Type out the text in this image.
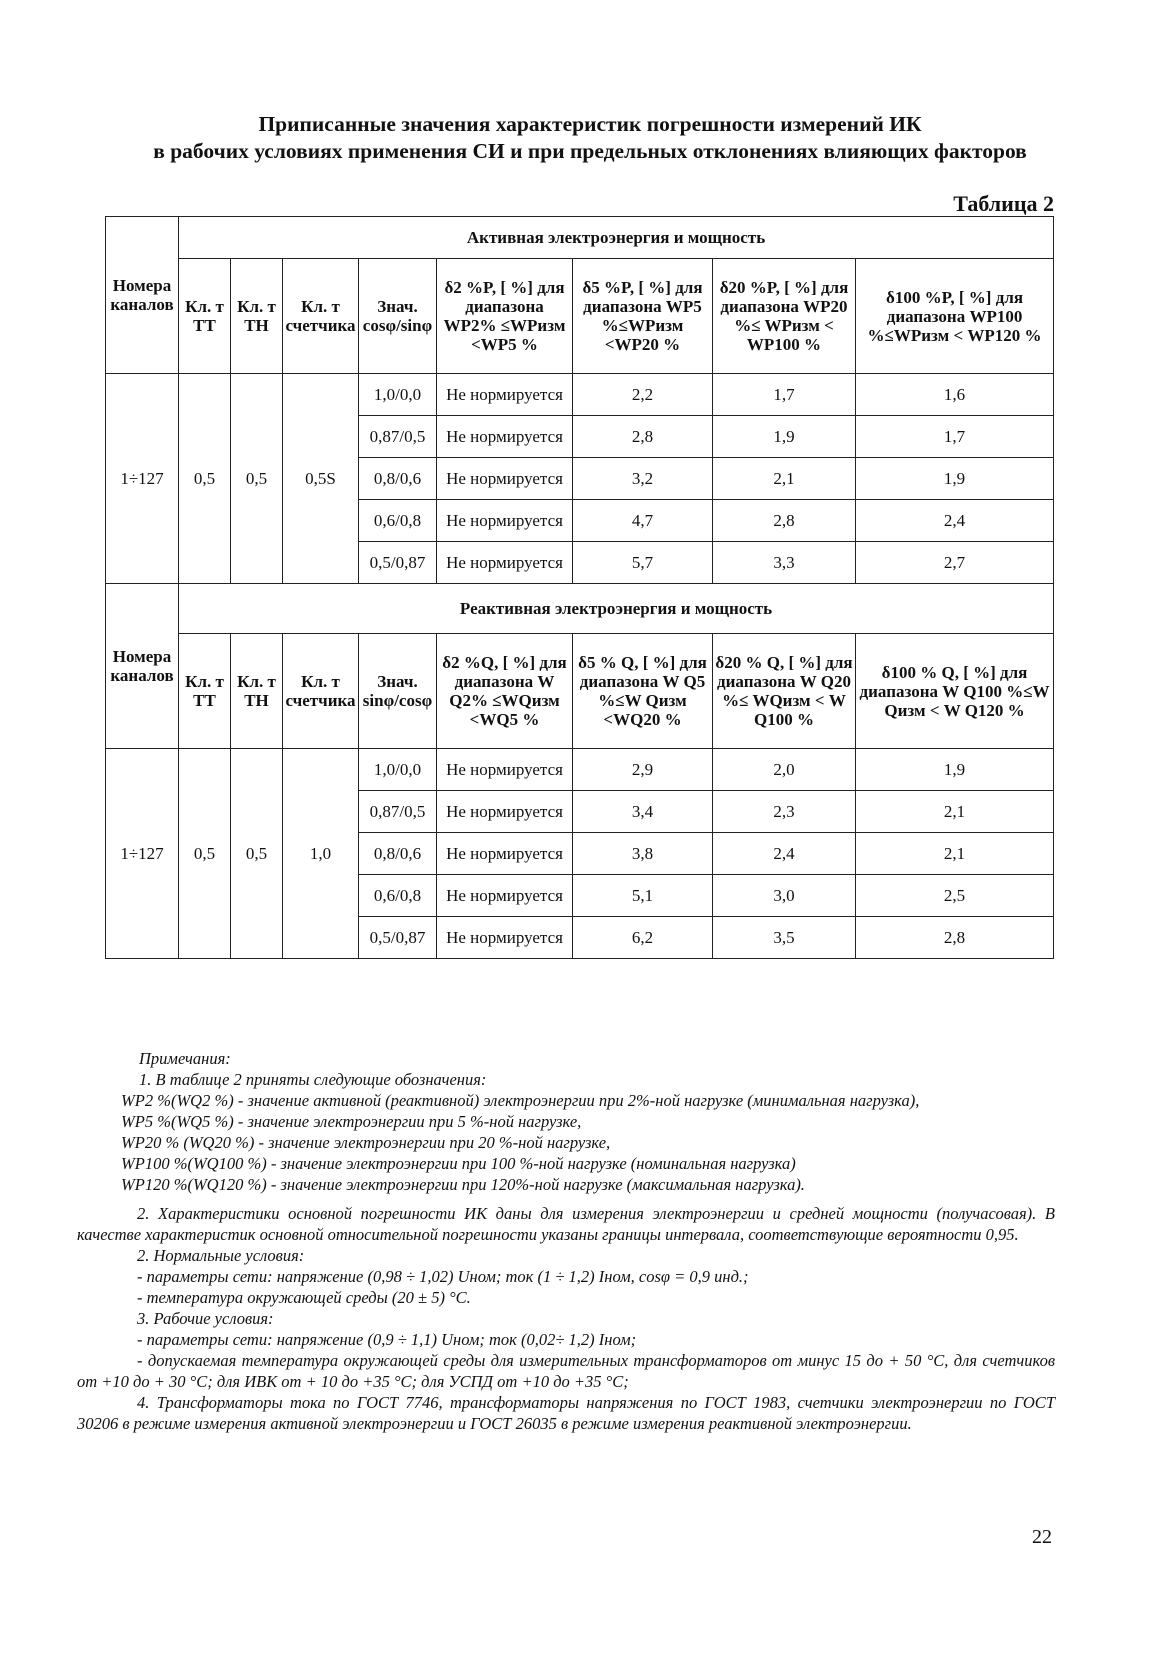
Приписанные значения характеристик погрешности измерений ИК
в рабочих условиях применения СИ и при предельных отклонениях влияющих факторов
Таблица 2
Номера каналов	Активная электроэнергия и мощность							
	Кл. т ТТ	Кл. т ТН	Кл. т счетчика	Знач. cosφ/sinφ	δ2 %P, [ %] для диапазона WP2% ≤WPизм <WP5 %	δ5 %P, [ %] для диапазона WP5 %≤WPизм <WP20 %	δ20 %P, [ %] для диапазона WP20 %≤ WPизм < WP100 %	δ100 %P, [ %] для диапазона WP100 %≤WPизм < WP120 %
1÷127	0,5	0,5	0,5S	1,0/0,0	Не нормируется	2,2	1,7	1,6
				0,87/0,5	Не нормируется	2,8	1,9	1,7
				0,8/0,6	Не нормируется	3,2	2,1	1,9
				0,6/0,8	Не нормируется	4,7	2,8	2,4
				0,5/0,87	Не нормируется	5,7	3,3	2,7
Номера каналов	Реактивная электроэнергия и мощность							
	Кл. т ТТ	Кл. т ТН	Кл. т счетчика	Знач. sinφ/cosφ	δ2 %Q, [ %] для диапазона W Q2% ≤WQизм <WQ5 %	δ5 % Q, [ %] для диапазона W Q5 %≤W Qизм <WQ20 %	δ20 % Q, [ %] для диапазона W Q20 %≤ WQизм < W Q100 %	δ100 % Q, [ %] для диапазона W Q100 %≤W Qизм < W Q120 %
1÷127	0,5	0,5	1,0	1,0/0,0	Не нормируется	2,9	2,0	1,9
				0,87/0,5	Не нормируется	3,4	2,3	2,1
				0,8/0,6	Не нормируется	3,8	2,4	2,1
				0,6/0,8	Не нормируется	5,1	3,0	2,5
				0,5/0,87	Не нормируется	6,2	3,5	2,8

Примечания:

1. В таблице 2 приняты следующие обозначения:

WP2 %(WQ2 %) - значение активной (реактивной) электроэнергии при 2%-ной нагрузке (минимальная нагрузка),

WP5 %(WQ5 %) - значение электроэнергии при 5 %-ной нагрузке,

WP20 % (WQ20 %) - значение электроэнергии при 20 %-ной нагрузке,

WP100 %(WQ100 %) - значение электроэнергии при 100 %-ной нагрузке (номинальная нагрузка)

WP120 %(WQ120 %) - значение электроэнергии при 120%-ной нагрузке (максимальная нагрузка).

2. Характеристики основной погрешности ИК даны для измерения электроэнергии и средней мощности (получасовая). В качестве характеристик основной относительной погрешности указаны границы интервала, соответствующие вероятности 0,95.

2. Нормальные условия:

- параметры сети: напряжение (0,98 ÷ 1,02) Uном; ток (1 ÷ 1,2) Iном, cosφ = 0,9 инд.;

- температура окружающей среды (20 ± 5) °С.

3. Рабочие условия:

- параметры сети: напряжение (0,9 ÷ 1,1) Uном; ток (0,02÷ 1,2) Iном;

- допускаемая температура окружающей среды для измерительных трансформаторов от минус 15 до + 50 °С, для счетчиков от +10 до + 30 °С; для ИВК от + 10 до +35 °С; для УСПД от +10 до +35 °С;

4. Трансформаторы тока по ГОСТ 7746, трансформаторы напряжения по ГОСТ 1983, счетчики электроэнергии по ГОСТ 30206 в режиме измерения активной электроэнергии и ГОСТ 26035 в режиме измерения реактивной электроэнергии.

22
